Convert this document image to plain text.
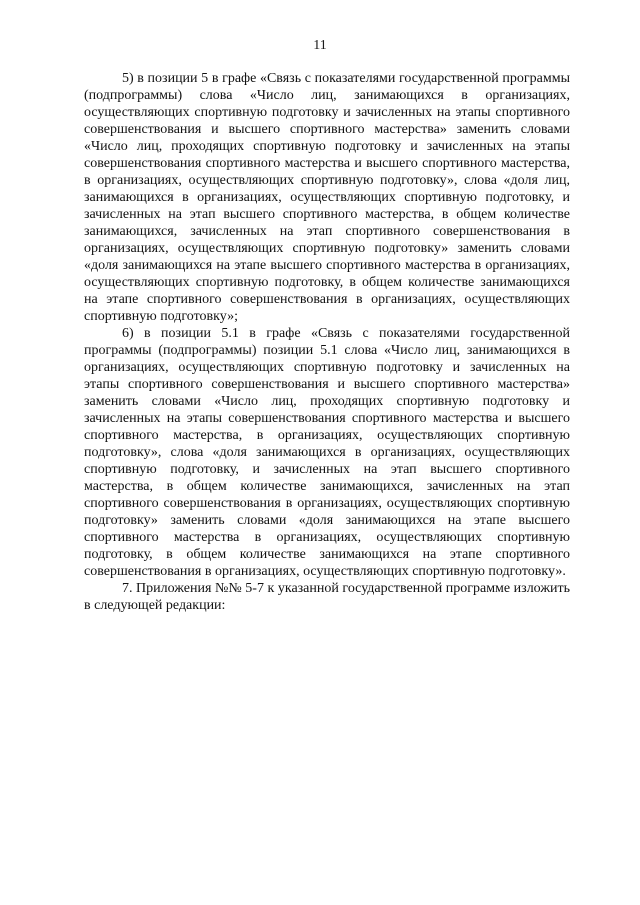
11

5) в позиции 5 в графе «Связь с показателями государственной программы (подпрограммы) слова «Число лиц, занимающихся в организациях, осуществляющих спортивную подготовку и зачисленных на этапы спортивного совершенствования и высшего спортивного мастерства» заменить словами «Число лиц, проходящих спортивную подготовку и зачисленных на этапы совершенствования спортивного мастерства и высшего спортивного мастерства, в организациях, осуществляющих спортивную подготовку», слова «доля лиц, занимающихся в организациях, осуществляющих спортивную подготовку, и зачисленных на этап высшего спортивного мастерства, в общем количестве занимающихся, зачисленных на этап спортивного совершенствования в организациях, осуществляющих спортивную подготовку» заменить словами «доля занимающихся на этапе высшего спортивного мастерства в организациях, осуществляющих спортивную подготовку, в общем количестве занимающихся на этапе спортивного совершенствования в организациях, осуществляющих спортивную подготовку»;

6) в позиции 5.1 в графе «Связь с показателями государственной программы (подпрограммы) позиции 5.1 слова «Число лиц, занимающихся в организациях, осуществляющих спортивную подготовку и зачисленных на этапы спортивного совершенствования и высшего спортивного мастерства» заменить словами «Число лиц, проходящих спортивную подготовку и зачисленных на этапы совершенствования спортивного мастерства и высшего спортивного мастерства, в организациях, осуществляющих спортивную подготовку», слова «доля занимающихся в организациях, осуществляющих спортивную подготовку, и зачисленных на этап высшего спортивного мастерства, в общем количестве занимающихся, зачисленных на этап спортивного совершенствования в организациях, осуществляющих спортивную подготовку» заменить словами «доля занимающихся на этапе высшего спортивного мастерства в организациях, осуществляющих спортивную подготовку, в общем количестве занимающихся на этапе спортивного совершенствования в организациях, осуществляющих спортивную подготовку».

7. Приложения №№ 5-7 к указанной государственной программе изложить в следующей редакции:
